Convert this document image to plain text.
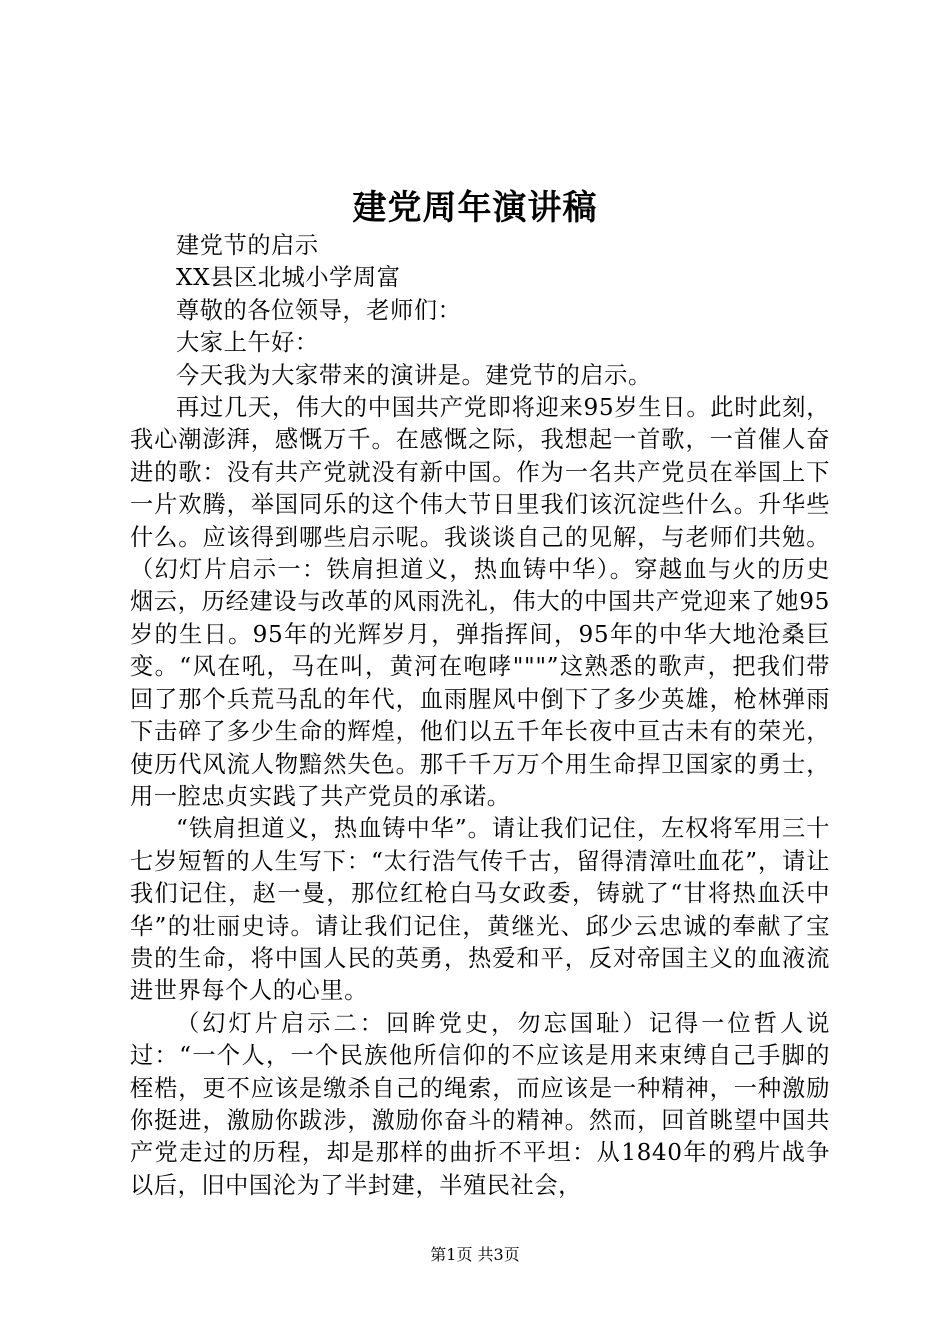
建党周年演讲稿

建党节的启示

XX县区北城小学周富

尊敬的各位领导，老师们：

大家上午好：

今天我为大家带来的演讲是。建党节的启示。

再过几天，伟大的中国共产党即将迎来95岁生日。此时此刻，我心潮澎湃，感慨万千。在感慨之际，我想起一首歌，一首催人奋进的歌：没有共产党就没有新中国。作为一名共产党员在举国上下一片欢腾，举国同乐的这个伟大节日里我们该沉淀些什么。升华些什么。应该得到哪些启示呢。我谈谈自己的见解，与老师们共勉。（幻灯片启示一：铁肩担道义，热血铸中华）。穿越血与火的历史烟云，历经建设与改革的风雨洗礼，伟大的中国共产党迎来了她95岁的生日。95年的光辉岁月，弹指挥间，95年的中华大地沧桑巨变。“风在吼，马在叫，黄河在咆哮"""”这熟悉的歌声，把我们带回了那个兵荒马乱的年代，血雨腥风中倒下了多少英雄，枪林弹雨下击碎了多少生命的辉煌，他们以五千年长夜中亘古未有的荣光，使历代风流人物黯然失色。那千千万万个用生命捍卫国家的勇士，用一腔忠贞实践了共产党员的承诺。

“铁肩担道义，热血铸中华”。请让我们记住，左权将军用三十七岁短暂的人生写下：“太行浩气传千古，留得清漳吐血花”，请让我们记住，赵一曼，那位红枪白马女政委，铸就了“甘将热血沃中华”的壮丽史诗。请让我们记住，黄继光、邱少云忠诚的奉献了宝贵的生命，将中国人民的英勇，热爱和平，反对帝国主义的血液流进世界每个人的心里。

（幻灯片启示二：回眸党史，勿忘国耻）记得一位哲人说过：“一个人，一个民族他所信仰的不应该是用来束缚自己手脚的桎梏，更不应该是缴杀自己的绳索，而应该是一种精神，一种激励你挺进，激励你跋涉，激励你奋斗的精神。然而，回首眺望中国共产党走过的历程，却是那样的曲折不平坦：从1840年的鸦片战争以后，旧中国沦为了半封建，半殖民社会，

第1页 共3页
